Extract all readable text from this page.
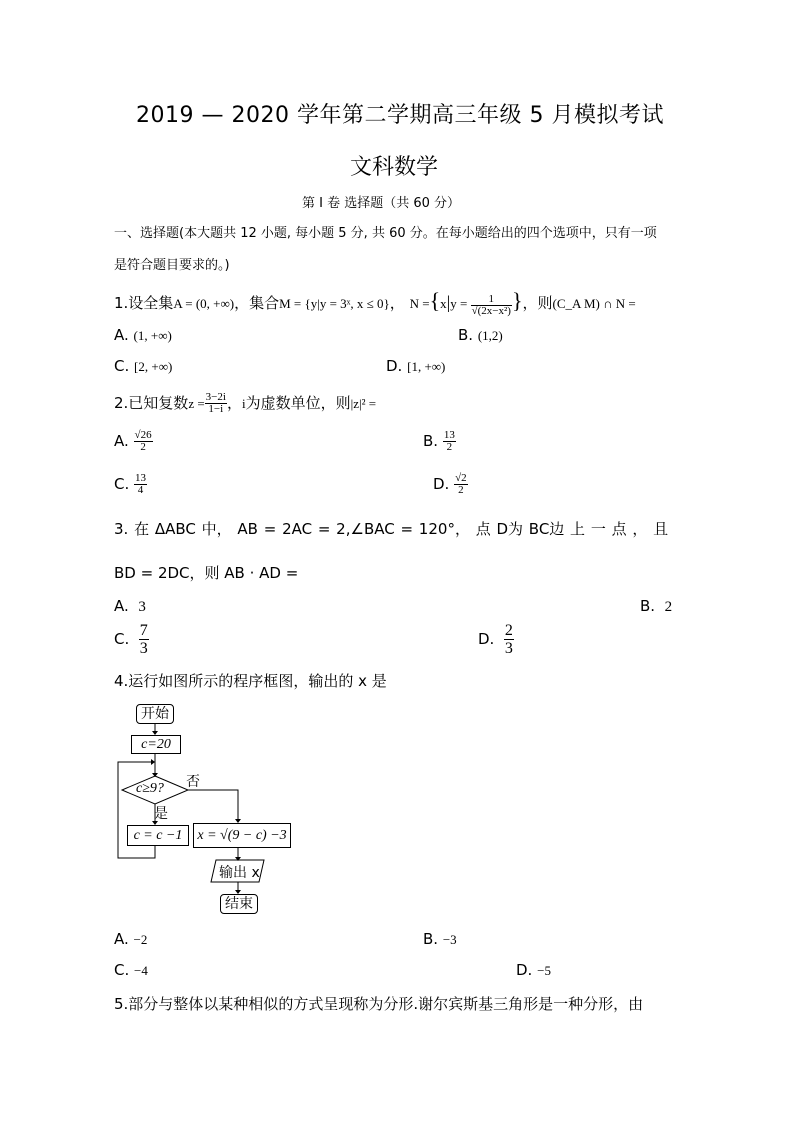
2019 — 2020 学年第二学期高三年级 5 月模拟考试
文科数学
第 I 卷 选择题（共 60 分）
一、选择题(本大题共 12 小题, 每小题 5 分, 共 60 分。在每小题给出的四个选项中，只有一项
是符合题目要求的。)
1.设全集A = (0, +∞)，集合M = {y|y = 3ˣ, x ≤ 0}， $N =\{x|y = \frac{1}{\text{√(2x−x²)}}$ }，则(C_A M) ∩ N =
A. (1, +∞)	B. (1,2)
C. [2, +∞)	D. [1, +∞)
2.已知复数$z = \frac{3-2i}{1-i}$ ，i为虚数单位，则|z|² =
A. $\frac{√26}{2}$	B. $\frac{13}{2}$
C. $\frac{13}{4}$	D. $\frac{√2}{2}$
3. 在 ΔABC 中， AB = 2AC = 2,∠BAC = 120°， 点 D为 BC边 上 一 点 ， 且
BD = 2DC，则 AB · AD =
A. 3	B. 2
C. $\frac{7}{3}$	D. $\frac{2}{3}$
4.运行如图所示的程序框图，输出的 x 是
开始
c=20
c≥9? 否
是
c = c −1	x = √(9 − c) −3
输出 x
结束
A. −2	B. −3
C. −4	D. −5
5.部分与整体以某种相似的方式呈现称为分形.谢尔宾斯基三角形是一种分形，由
